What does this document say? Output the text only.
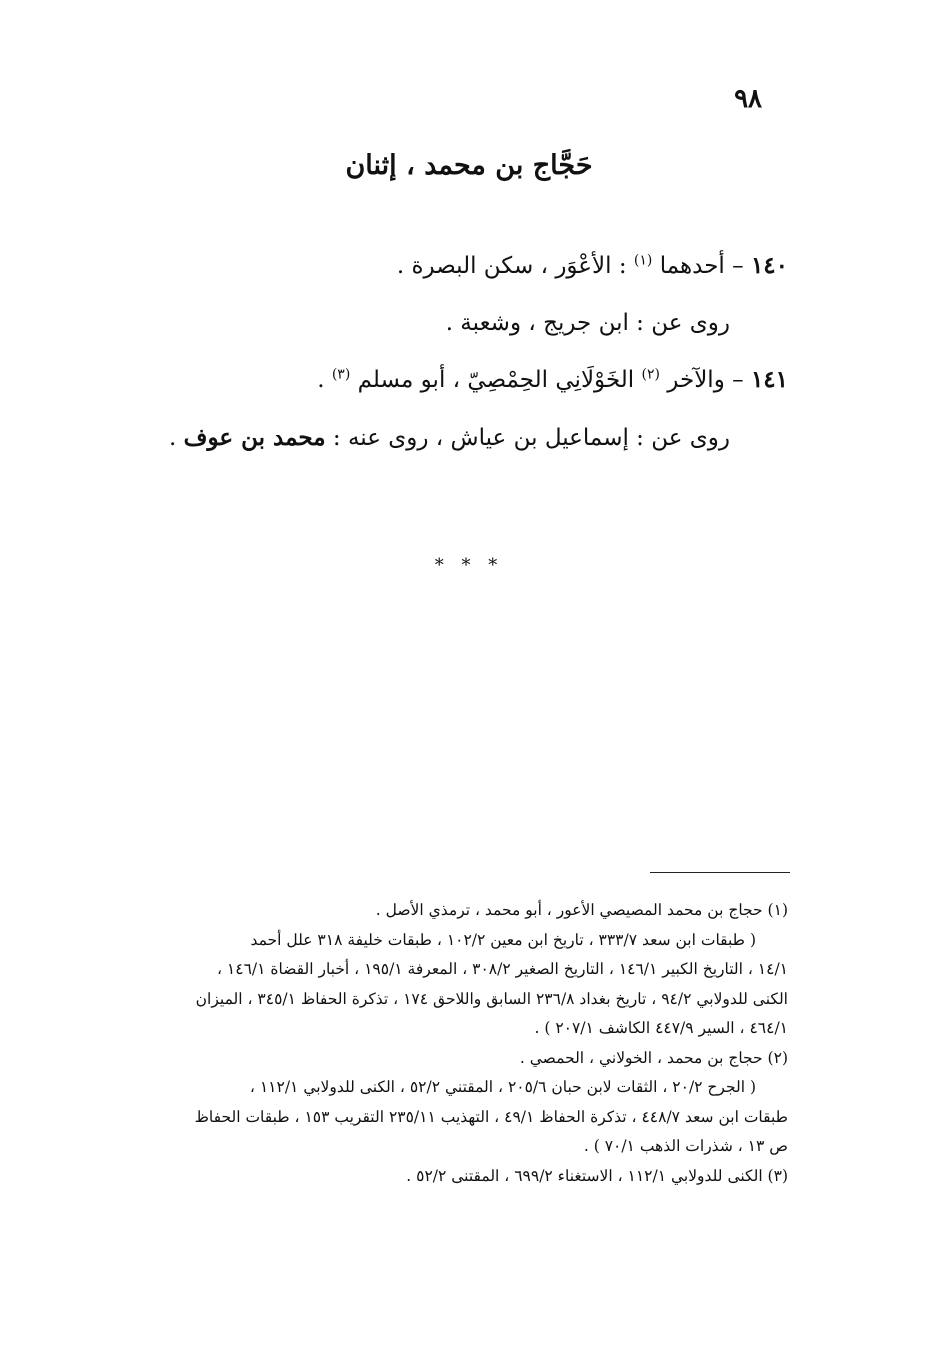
٩٨
حَجَّاج بن محمد ، إثنان
١٤٠ – أحدهما $^{(١)}$ : الأعْوَر ، سكن البصرة .
روى عن : ابن جريج ، وشعبة .
١٤١ – والآخر $^{(٢)}$ الخَوْلَانِي الحِمْصِيّ ، أبو مسلم $^{(٣)}$ .
روى عن : إسماعيل بن عياش ، روى عنه : محمد بن عوف .
* * *
(١) حجاج بن محمد المصيصي الأعور ، أبو محمد ، ترمذي الأصل .
( طبقات ابن سعد ٣٣٣/٧ ، تاريخ ابن معين ١٠٢/٢ ، طبقات خليفة ٣١٨ علل أحمد
١٤/١ ، التاريخ الكبير ١٤٦/١ ، التاريخ الصغير ٣٠٨/٢ ، المعرفة ١٩٥/١ ، أخبار القضاة ١٤٦/١ ،
الكنى للدولابي ٩٤/٢ ، تاريخ بغداد ٢٣٦/٨ السابق واللاحق ١٧٤ ، تذكرة الحفاظ ٣٤٥/١ ، الميزان
٤٦٤/١ ، السير ٤٤٧/٩ الكاشف ٢٠٧/١ ) .
(٢) حجاج بن محمد ، الخولاني ، الحمصي .
( الجرح ٢٠/٢ ، الثقات لابن حبان ٢٠٥/٦ ، المقتني ٥٢/٢ ، الكنى للدولابي ١١٢/١ ،
طبقات ابن سعد ٤٤٨/٧ ، تذكرة الحفاظ ٤٩/١ ، التهذيب ٢٣٥/١١ التقريب ١٥٣ ، طبقات الحفاظ
ص ١٣ ، شذرات الذهب ٧٠/١ ) .
(٣) الكنى للدولابي ١١٢/١ ، الاستغناء ٦٩٩/٢ ، المقتنى ٥٢/٢ .
